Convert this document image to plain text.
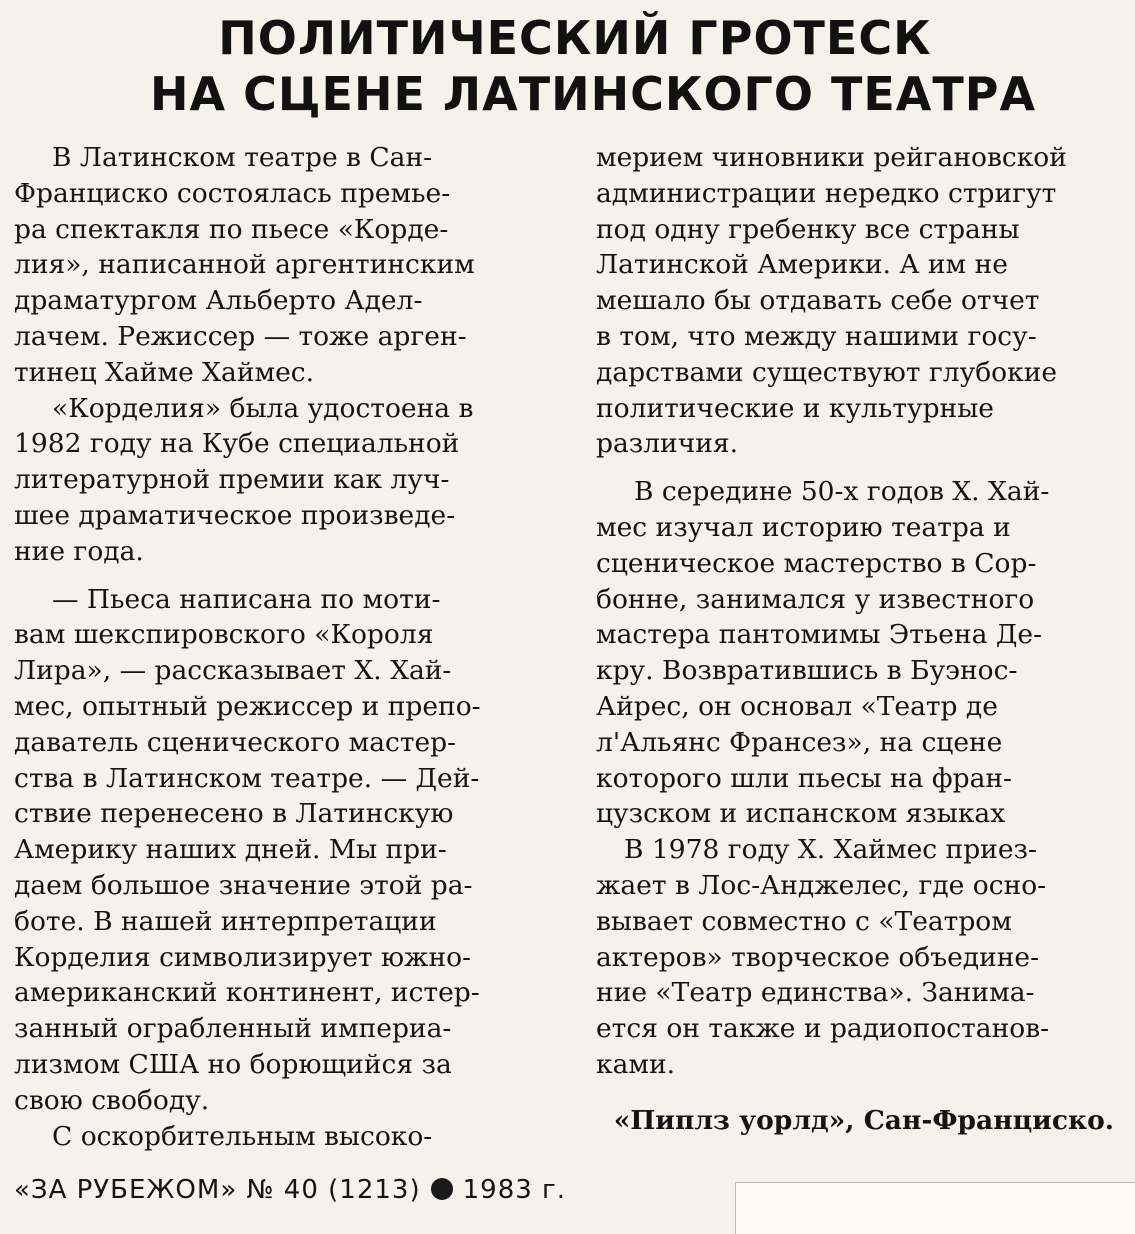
ПОЛИТИЧЕСКИЙ ГРОТЕСК
НА СЦЕНЕ ЛАТИНСКОГО ТЕАТРА
В Латинском театре в Сан-
Франциско состоялась премье-
ра спектакля по пьесе «Корде-
лия», написанной аргентинским
драматургом Альберто Адел-
лачем. Режиссер — тоже арген-
тинец Хайме Хаймес.
«Корделия» была удостоена в
1982 году на Кубе специальной
литературной премии как луч-
шее драматическое произведе-
ние года.
— Пьеса написана по моти-
вам шекспировского «Короля
Лира», — рассказывает Х. Хай-
мес, опытный режиссер и препо-
даватель сценического мастер-
ства в Латинском театре. — Дей-
ствие перенесено в Латинскую
Америку наших дней. Мы при-
даем большое значение этой ра-
боте. В нашей интерпретации
Корделия символизирует южно-
американский континент, истер-
занный ограбленный империа-
лизмом США но борющийся за
свою свободу.
С оскорбительным высоко-
мерием чиновники рейгановской
администрации нередко стригут
под одну гребенку все страны
Латинской Америки. А им не
мешало бы отдавать себе отчет
в том, что между нашими госу-
дарствами существуют глубокие
политические и культурные
различия.
В середине 50-х годов Х. Хай-
мес изучал историю театра и
сценическое мастерство в Сор-
бонне, занимался у известного
мастера пантомимы Этьена Де-
кру. Возвратившись в Буэнос-
Айрес, он основал «Театр де
л'Альянс Франсез», на сцене
которого шли пьесы на фран-
цузском и испанском языках
В 1978 году Х. Хаймес приез-
жает в Лос-Анджелес, где осно-
вывает совместно с «Театром
актеров» творческое объедине-
ние «Театр единства». Занима-
ется он также и радиопостанов-
ками.
«Пиплз уорлд», Сан-Франциско.
«ЗА РУБЕЖОМ» № 40 (1213) 1983 г.
